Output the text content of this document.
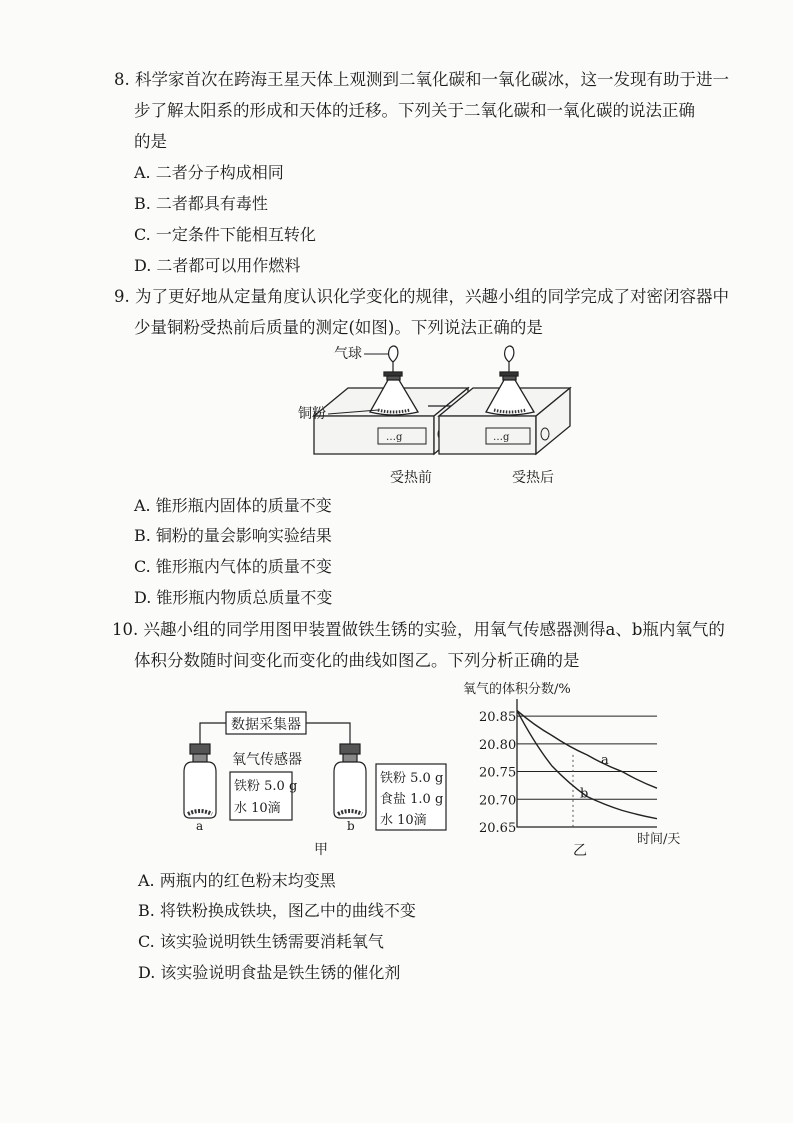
8. 科学家首次在跨海王星天体上观测到二氧化碳和一氧化碳冰，这一发现有助于进一
步了解太阳系的形成和天体的迁移。下列关于二氧化碳和一氧化碳的说法正确
的是
A. 二者分子构成相同
B. 二者都具有毒性
C. 一定条件下能相互转化
D. 二者都可以用作燃料
9. 为了更好地从定量角度认识化学变化的规律，兴趣小组的同学完成了对密闭容器中
少量铜粉受热前后质量的测定(如图)。下列说法正确的是
…g
气球
铜粉
…g
受热前	受热后
A. 锥形瓶内固体的质量不变
B. 铜粉的量会影响实验结果
C. 锥形瓶内气体的质量不变
D. 锥形瓶内物质总质量不变
10. 兴趣小组的同学用图甲装置做铁生锈的实验，用氧气传感器测得a、b瓶内氧气的
体积分数随时间变化而变化的曲线如图乙。下列分析正确的是
数据采集器
氧气传感器
a
铁粉 5.0 g
水 10滴
b
铁粉 5.0 g
食盐 1.0 g
水 10滴
甲
氧气的体积分数/%
20.85
20.80
20.75
20.70
20.65
a
b
时间/天
乙
A. 两瓶内的红色粉末均变黑
B. 将铁粉换成铁块，图乙中的曲线不变
C. 该实验说明铁生锈需要消耗氧气
D. 该实验说明食盐是铁生锈的催化剂
